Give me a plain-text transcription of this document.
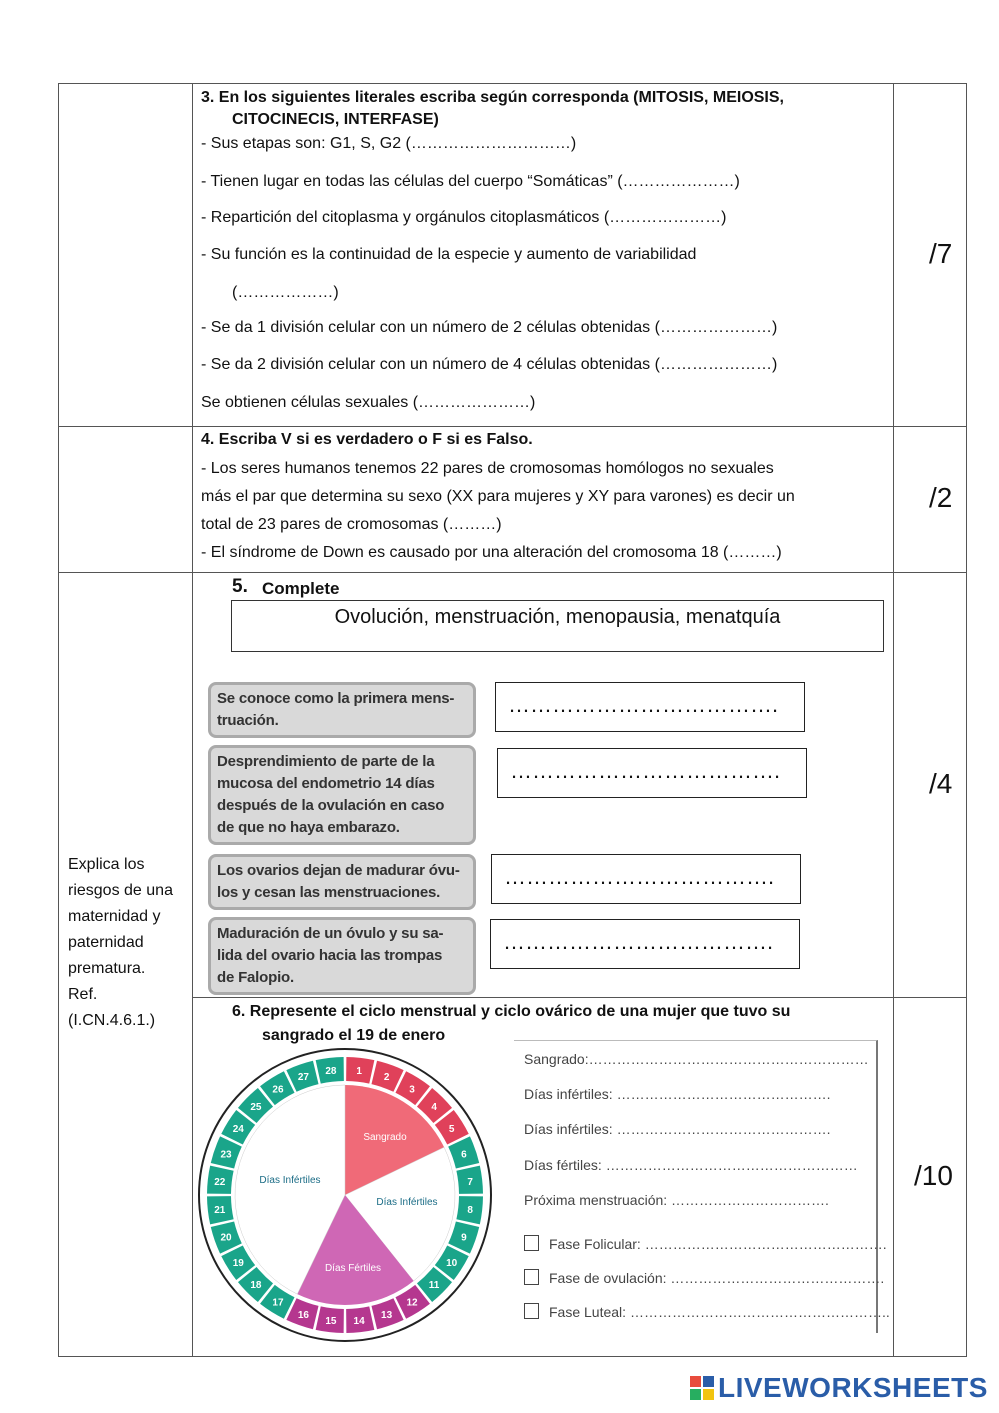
3. En los siguientes literales escriba según corresponda (MITOSIS, MEIOSIS,
CITOCINECIS, INTERFASE)
- Sus etapas son: G1, S, G2 (…………………………)
- Tienen lugar en todas las células del cuerpo “Somáticas” (…………………)
- Repartición del citoplasma y orgánulos citoplasmáticos (…………………)
- Su función es la continuidad de la especie y aumento de variabilidad
(………………)
- Se da 1 división celular con un número de 2 células obtenidas (…………………)
- Se da 2 división celular con un número de 4 células obtenidas (…………………)
Se obtienen células sexuales (…………………)
/7
4. Escriba V si es verdadero o F si es Falso.
- Los seres humanos tenemos 22 pares de cromosomas homólogos no sexuales
más el par que determina su sexo (XX para mujeres y XY para varones) es decir un
total de 23 pares de cromosomas (………)
- El síndrome de Down es causado por una alteración del cromosoma 18 (………)
/2
5. Complete
Ovolución, menstruación, menopausia, menatquía
Se conoce como la primera mens-
truación.
Desprendimiento de parte de la
mucosa del endometrio 14 días
después de la ovulación en caso
de que no haya embarazo.
Los ovarios dejan de madurar óvu-
los y cesan las menstruaciones.
Maduración de un óvulo y su sa-
lida del ovario hacia las trompas
de Falopio.
……………………………….
……………………………….
……………………………….
……………………………….
/4
Explica los
riesgos de una
maternidad y
paternidad
prematura.
Ref.
(I.CN.4.6.1.)
6. Represente el ciclo menstrual y ciclo ovárico de una mujer que tuvo su
sangrado el 19 de enero
/10
1
2
3
4
5
6
7
8
9
10
11
12
13
14
15
16
17
18
19
20
21
22
23
24
25
26
27
28
Sangrado
Días Infértiles
Días Fértiles
Días Infértiles
Sangrado:……………………………………………………
Días infértiles: ……………………………………….
Días infértiles: ……………………………………….
Días fértiles: ………………………………………………
Próxima menstruación: …………………………….
Fase Folicular: …………………………………………….
Fase de ovulación: ……………………………………….
Fase Luteal: ………………………………………………..
LIVEWORKSHEETS
